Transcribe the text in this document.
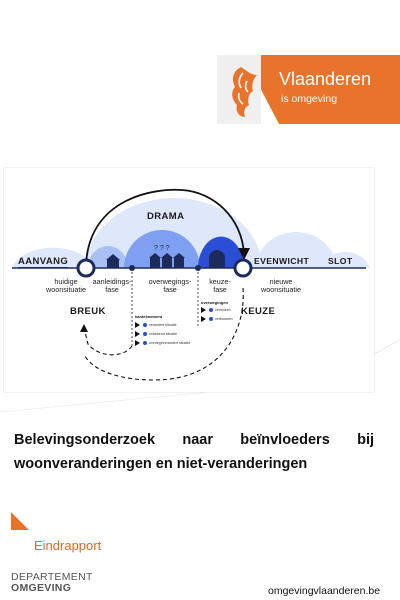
Vlaanderen
is omgeving
? ? ?
DRAMA
AANVANG	EVENWICHT SLOT
BREUK	KEUZE
huidige
woonsituatie
aanleidings-
fase
overwegings-
fase
keuze-
fase
nieuwe
woonsituatie
kantelmoment
verandert situatie
onbekend situatie
overlegt/verandert situatie
overwegingen
verhuizen
verbouwen
Belevingsonderzoek naar beïnvloeders bij woonveranderingen en niet-veranderingen
Eindrapport
DEPARTEMENT
OMGEVING	omgevingvlaanderen.be
